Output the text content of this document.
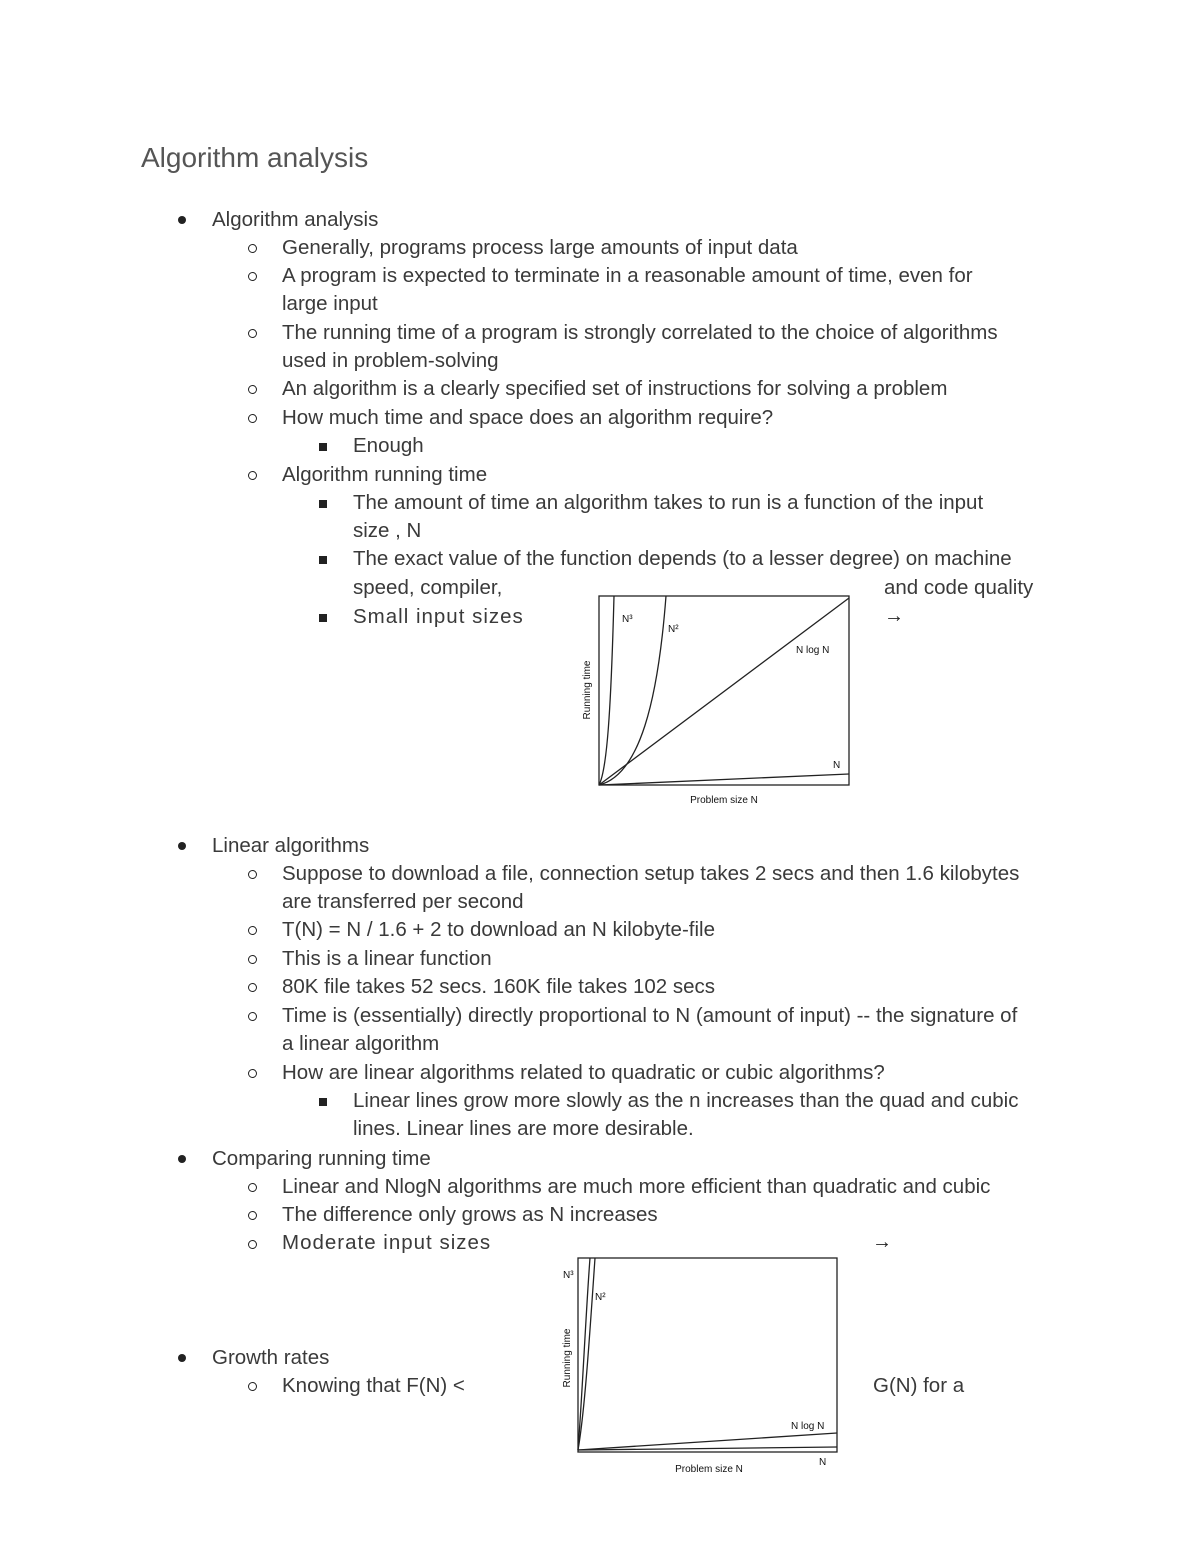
Algorithm analysis
Algorithm analysis
Generally, programs process large amounts of input data
A program is expected to terminate in a reasonable amount of time, even for
large input
The running time of a program is strongly correlated to the choice of algorithms
used in problem-solving
An algorithm is a clearly specified set of instructions for solving a problem
How much time and space does an algorithm require?
Enough
Algorithm running time
The amount of time an algorithm takes to run is a function of the input
size , N
The exact value of the function depends (to a lesser degree) on machine
speed, compiler,	and code quality
Small input sizes	→
N³
N²
N log N
N
Problem size N
Running time
Linear algorithms
Suppose to download a file, connection setup takes 2 secs and then 1.6 kilobytes
are transferred per second
T(N) = N / 1.6 + 2 to download an N kilobyte-file
This is a linear function
80K file takes 52 secs. 160K file takes 102 secs
Time is (essentially) directly proportional to N (amount of input) -- the signature of
a linear algorithm
How are linear algorithms related to quadratic or cubic algorithms?
Linear lines grow more slowly as the n increases than the quad and cubic
lines. Linear lines are more desirable.
Comparing running time
Linear and NlogN algorithms are much more efficient than quadratic and cubic
The difference only grows as N increases
Moderate input sizes	→
Growth rates
Knowing that F(N) <	G(N) for a
N³
N²
N log N
N
Problem size N
Running time
